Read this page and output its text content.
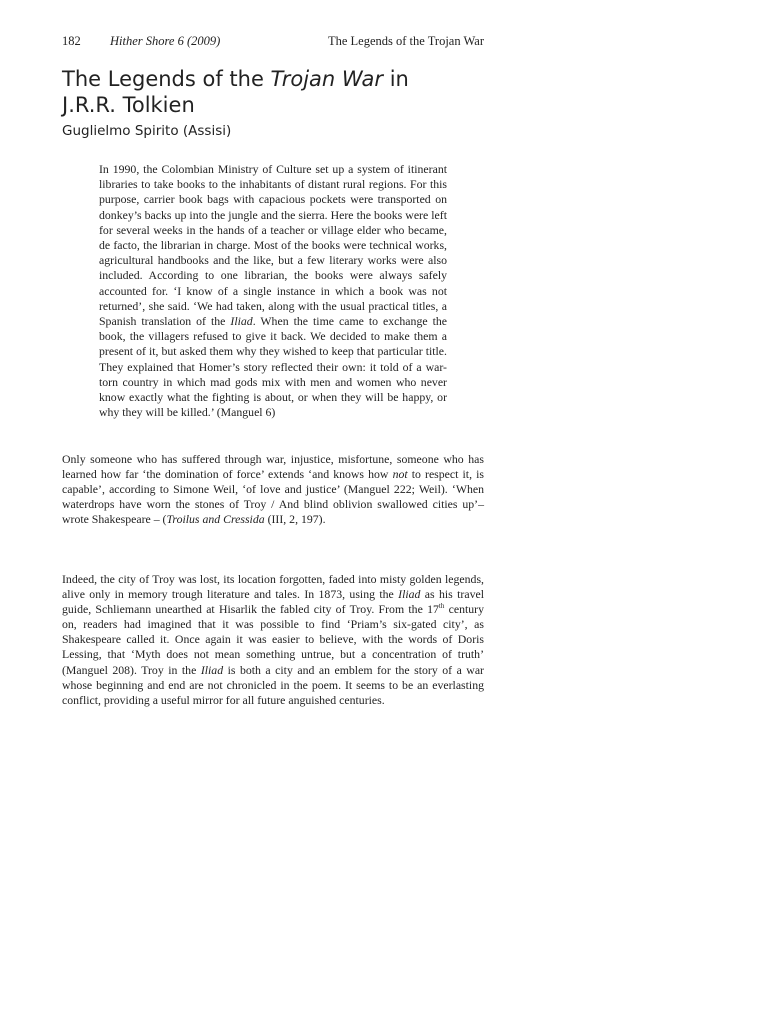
182 Hither Shore 6 (2009)	The Legends of the Trojan War
The Legends of the Trojan War in
J.R.R. Tolkien
Guglielmo Spirito (Assisi)

In 1990, the Colombian Ministry of Culture set up a system of itinerant libraries to take books to the inhabitants of distant rural regions. For this purpose, carrier book bags with capacious pockets were transported on donkey’s backs up into the jungle and the sierra. Here the books were left for several weeks in the hands of a teacher or village elder who became, de facto, the librarian in charge. Most of the books were technical works, agricultural handbooks and the like, but a few literary works were also included. According to one librarian, the books were always safely accounted for. ‘I know of a single instance in which a book was not returned’, she said. ‘We had taken, along with the usual practical titles, a Spanish translation of the Iliad. When the time came to exchange the book, the villagers refused to give it back. We decided to make them a present of it, but asked them why they wished to keep that particular title. They explained that Homer’s story reflected their own: it told of a war-torn country in which mad gods mix with men and women who never know exactly what the fighting is about, or when they will be happy, or why they will be killed.’ (Manguel 6)

Only someone who has suffered through war, injustice, misfortune, someone who has learned how far ‘the domination of force’ extends ‘and knows how not to respect it, is capable’, according to Simone Weil, ‘of love and justice’ (Manguel 222; Weil). ‘When waterdrops have worn the stones of Troy / And blind oblivion swallowed cities up’– wrote Shakespeare – (Troilus and Cressida (III, 2, 197).

Indeed, the city of Troy was lost, its location forgotten, faded into misty golden legends, alive only in memory trough literature and tales. In 1873, using the Iliad as his travel guide, Schliemann unearthed at Hisarlik the fabled city of Troy. From the 17th century on, readers had imagined that it was possible to find ‘Priam’s six-gated city’, as Shakespeare called it. Once again it was easier to believe, with the words of Doris Lessing, that ‘Myth does not mean something untrue, but a concentration of truth’ (Manguel 208). Troy in the Iliad is both a city and an emblem for the story of a war whose beginning and end are not chronicled in the poem. It seems to be an everlasting conflict, providing a useful mirror for all future anguished centuries.
